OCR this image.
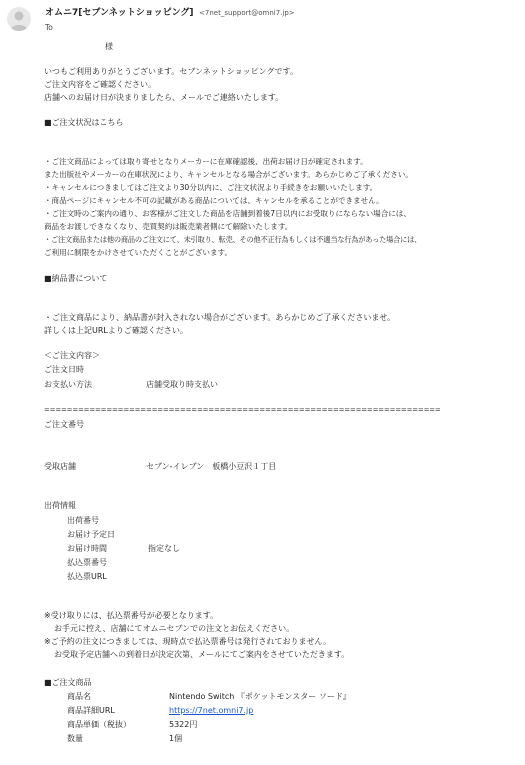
オムニ7[セブンネットショッピング] <7net_support@omni7.jp>
To
様
いつもご利用ありがとうございます。セブンネットショッピングです。
ご注文内容をご確認ください。
店舗へのお届け日が決まりましたら、メールでご連絡いたします。
■ご注文状況はこちら
・ご注文商品によっては取り寄せとなりメーカーに在庫確認後、出荷お届け日が確定されます。
また出版社やメーカーの在庫状況により、キャンセルとなる場合がございます。あらかじめご了承ください。
・キャンセルにつきましてはご注文より30分以内に、ご注文状況より手続きをお願いいたします。
・商品ページにキャンセル不可の記載がある商品については、キャンセルを承ることができません。
・ご注文時のご案内の通り、お客様がご注文した商品を店舗到着後7日以内にお受取りにならない場合には、
商品をお渡しできなくなり、売買契約は販売業者側にて解除いたします。
・ご注文商品または他の商品のご注文にて、未引取り、転売、その他不正行為もしくは不適当な行為があった場合には、
ご利用に制限をかけさせていただくことがございます。
■納品書について
・ご注文商品により、納品書が封入されない場合がございます。あらかじめご了承くださいませ。
詳しくは上記URLよりご確認ください。
＜ご注文内容＞
ご注文日時
お支払い方法	店舗受取り時支払い
======================================================================
ご注文番号
受取店舗	セブン-イレブン　板橋小豆沢１丁目
出荷情報
出荷番号
お届け予定日
お届け時間	指定なし
払込票番号
払込票URL
※受け取りには、払込票番号が必要となります。
お手元に控え、店舗にてオムニセブンでの注文とお伝えください。
※ご予約の注文につきましては、現時点で払込票番号は発行されておりません。
お受取予定店舗への到着日が決定次第、メールにてご案内をさせていただきます。
■ご注文商品
商品名	Nintendo Switch 『ポケットモンスター ソード』
商品詳細URL	https://7net.omni7.jp
商品単価（税抜）	5322円
数量	1個
